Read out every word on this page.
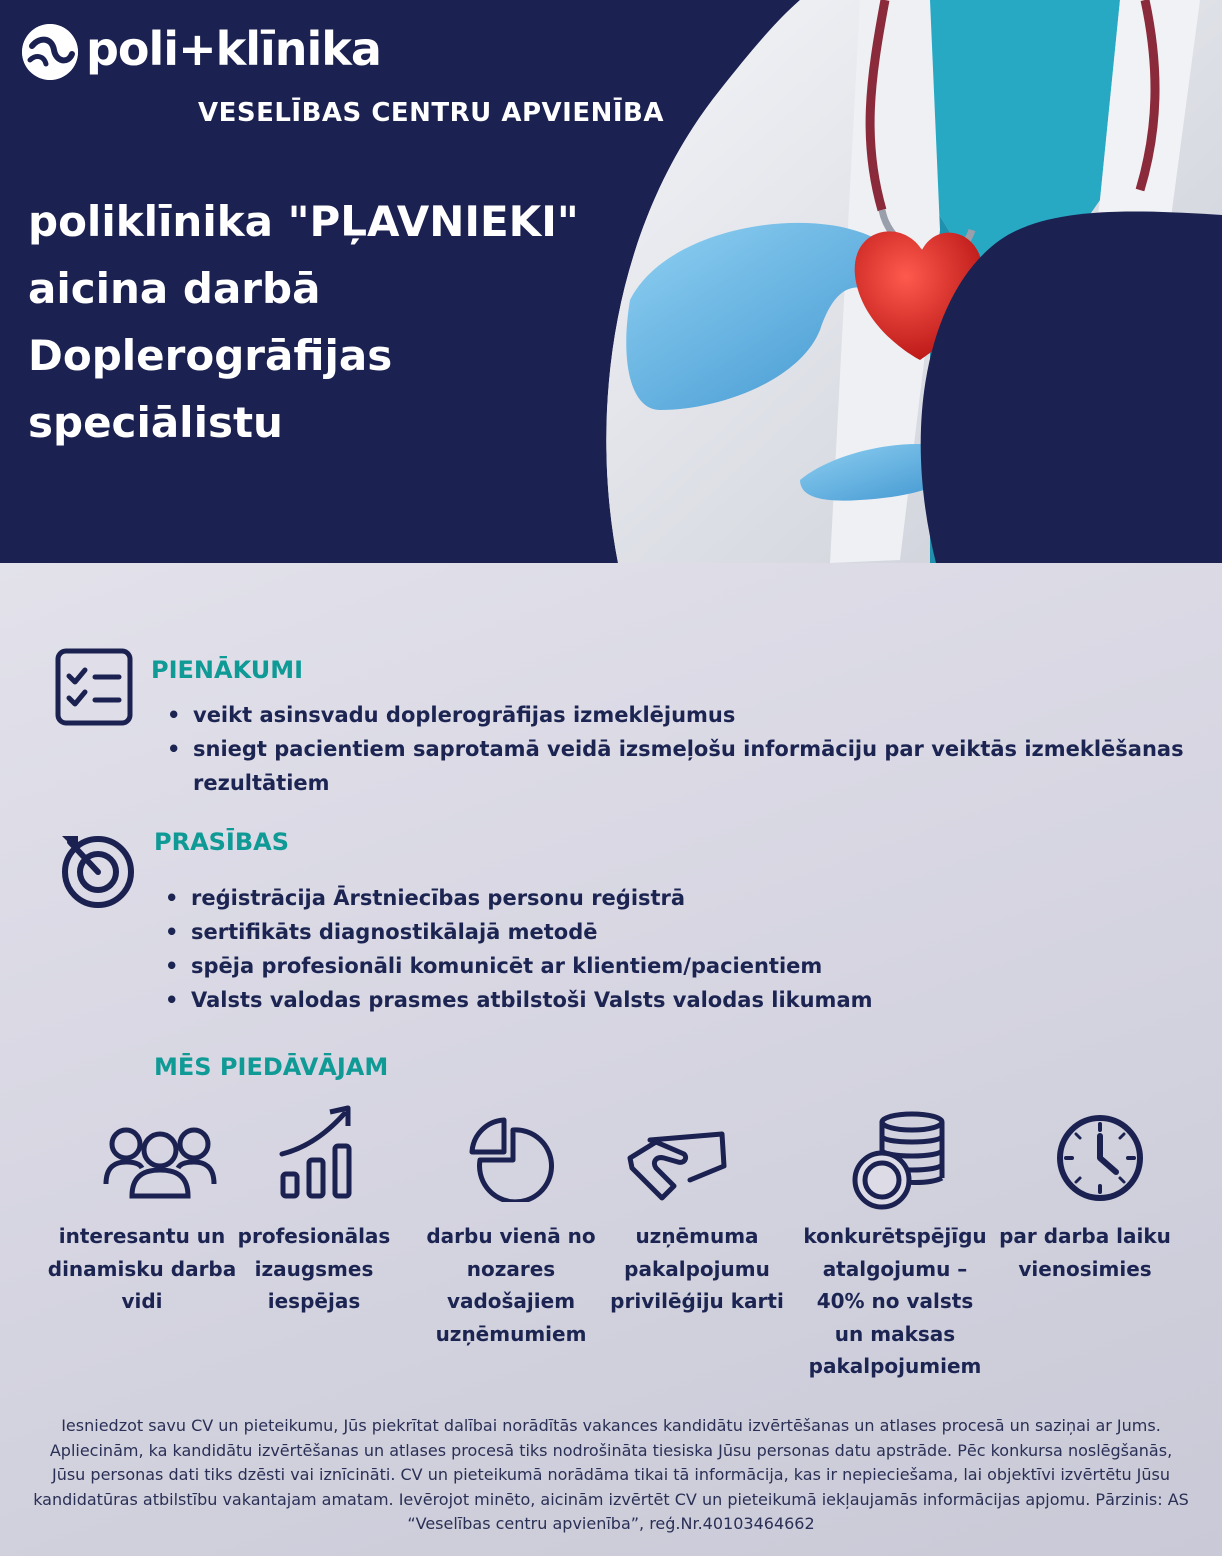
poli+klīnika
VESELĪBAS CENTRU APVIENĪBA
poliklīnika "PĻAVNIEKI"
aicina darbā
Doplerogrāfijas
speciālistu
PIENĀKUMI
• veikt asinsvadu doplerogrāfijas izmeklējumus
• sniegt pacientiem saprotamā veidā izsmeļošu informāciju par veiktās izmeklēšanas
rezultātiem
PRASĪBAS
• reģistrācija Ārstniecības personu reģistrā
• sertifikāts diagnostikālajā metodē
• spēja profesionāli komunicēt ar klientiem/pacientiem
• Valsts valodas prasmes atbilstoši Valsts valodas likumam
MĒS PIEDĀVĀJAM
interesantu un
dinamisku darba
vidi
profesionālas
izaugsmes
iespējas
darbu vienā no
nozares
vadošajiem
uzņēmumiem
uzņēmuma
pakalpojumu
privilēģiju karti
konkurētspējīgu
atalgojumu –
40% no valsts
un maksas
pakalpojumiem
par darba laiku
vienosimies

Iesniedzot savu CV un pieteikumu, Jūs piekrītat dalībai norādītās vakances kandidātu izvērtēšanas un atlases procesā un saziņai ar Jums.
Apliecinām, ka kandidātu izvērtēšanas un atlases procesā tiks nodrošināta tiesiska Jūsu personas datu apstrāde. Pēc konkursa noslēgšanās,
Jūsu personas dati tiks dzēsti vai iznīcināti. CV un pieteikumā norādāma tikai tā informācija, kas ir nepieciešama, lai objektīvi izvērtētu Jūsu
kandidatūras atbilstību vakantajam amatam. Ievērojot minēto, aicinām izvērtēt CV un pieteikumā iekļaujamās informācijas apjomu. Pārzinis: AS
“Veselības centru apvienība”, reģ.Nr.40103464662
